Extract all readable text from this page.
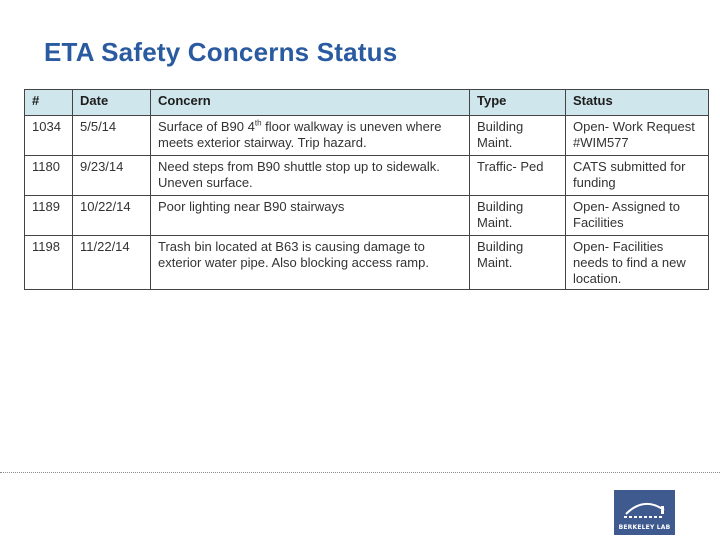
ETA Safety Concerns Status
#	Date	Concern	Type	Status
1034	5/5/14	Surface of B90 4th floor walkway is uneven where meets exterior stairway. Trip hazard.	Building Maint.	Open- Work Request #WIM577
1180	9/23/14	Need steps from B90 shuttle stop up to sidewalk. Uneven surface.	Traffic- Ped	CATS submitted for funding
1189	10/22/14	Poor lighting near B90 stairways	Building Maint.	Open- Assigned to Facilities
1198	11/22/14	Trash bin located at B63 is causing damage to exterior water pipe. Also blocking access ramp.	Building Maint.	Open- Facilities needs to find a new location.
BERKELEY LAB
